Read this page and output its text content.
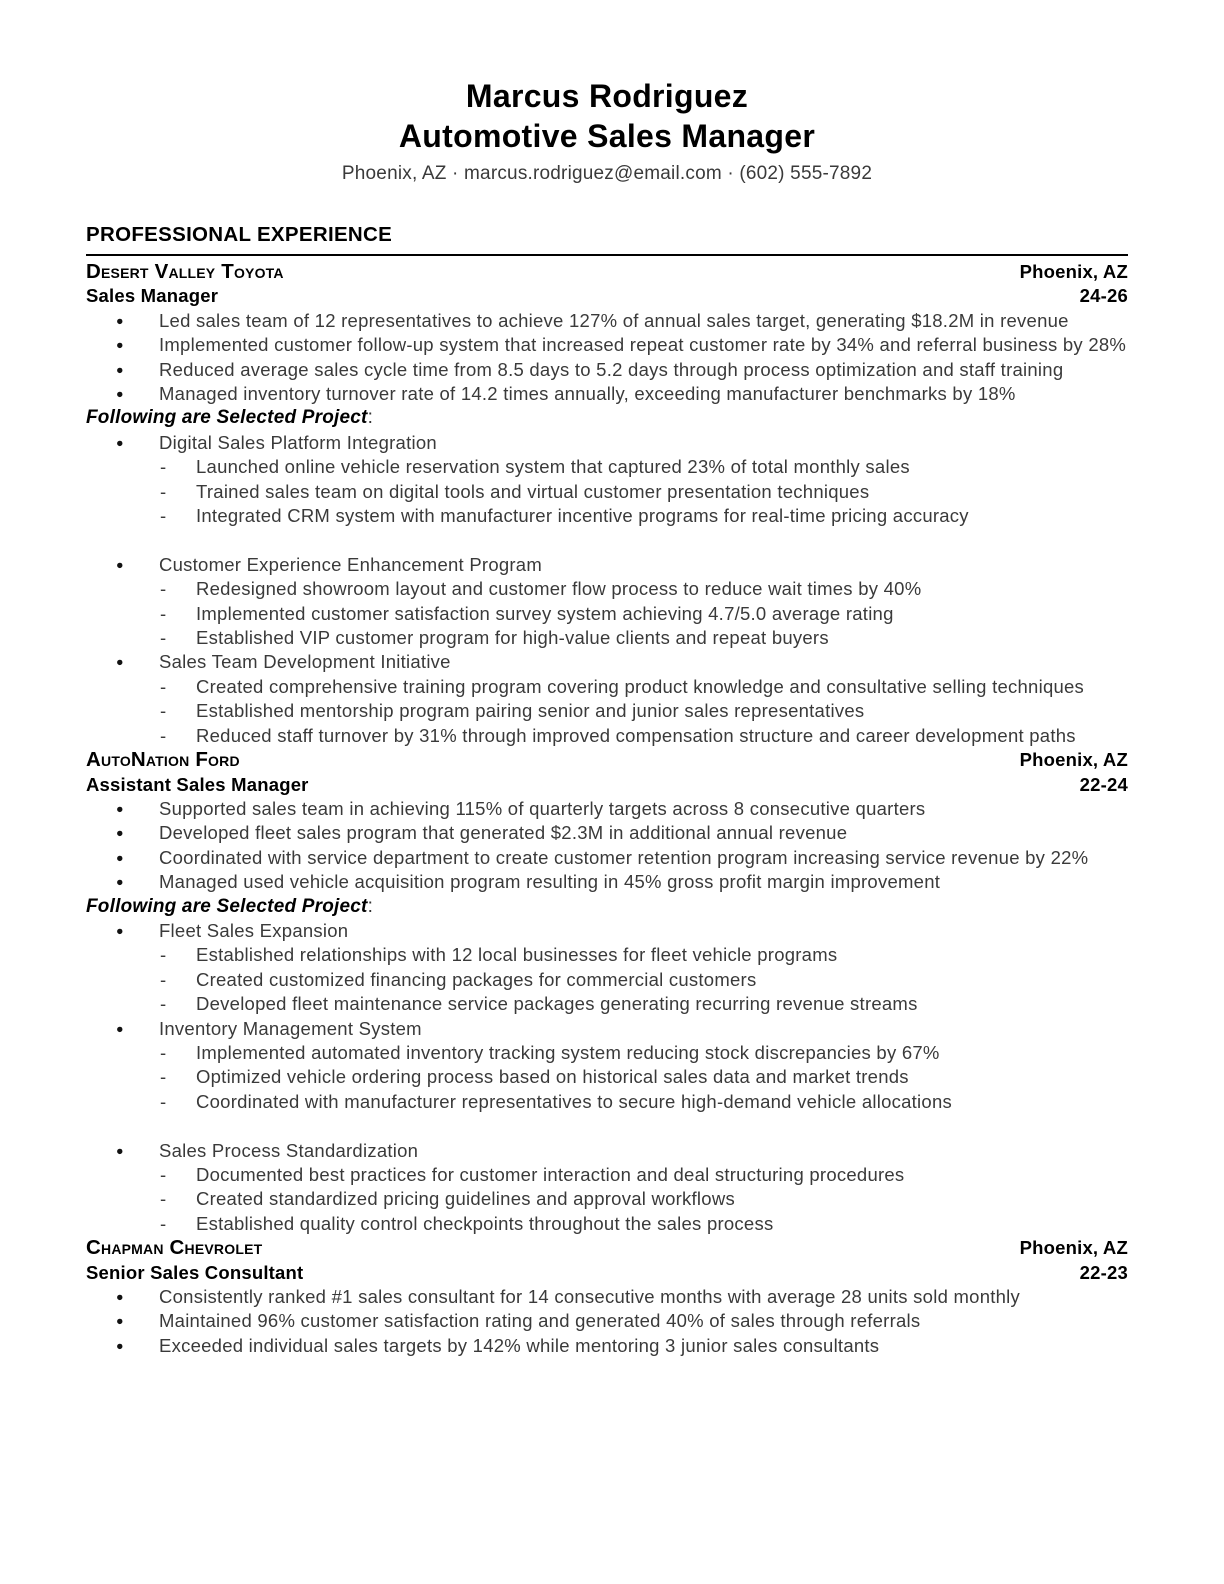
Marcus Rodriguez
Automotive Sales Manager

Phoenix, AZ · marcus.rodriguez@email.com · (602) 555-7892

PROFESSIONAL EXPERIENCE
Desert Valley Toyota	Phoenix, AZ
Sales Manager	24-26
●	Led sales team of 12 representatives to achieve 127% of annual sales target, generating $18.2M in revenue
●	Implemented customer follow-up system that increased repeat customer rate by 34% and referral business by 28%
●	Reduced average sales cycle time from 8.5 days to 5.2 days through process optimization and staff training
●	Managed inventory turnover rate of 14.2 times annually, exceeding manufacturer benchmarks by 18%
Following are Selected Project:
●	Digital Sales Platform Integration
-	Launched online vehicle reservation system that captured 23% of total monthly sales
-	Trained sales team on digital tools and virtual customer presentation techniques
-	Integrated CRM system with manufacturer incentive programs for real-time pricing accuracy
●	Customer Experience Enhancement Program
-	Redesigned showroom layout and customer flow process to reduce wait times by 40%
-	Implemented customer satisfaction survey system achieving 4.7/5.0 average rating
-	Established VIP customer program for high-value clients and repeat buyers
●	Sales Team Development Initiative
-	Created comprehensive training program covering product knowledge and consultative selling techniques
-	Established mentorship program pairing senior and junior sales representatives
-	Reduced staff turnover by 31% through improved compensation structure and career development paths
AutoNation Ford	Phoenix, AZ
Assistant Sales Manager	22-24
●	Supported sales team in achieving 115% of quarterly targets across 8 consecutive quarters
●	Developed fleet sales program that generated $2.3M in additional annual revenue
●	Coordinated with service department to create customer retention program increasing service revenue by 22%
●	Managed used vehicle acquisition program resulting in 45% gross profit margin improvement
Following are Selected Project:
●	Fleet Sales Expansion
-	Established relationships with 12 local businesses for fleet vehicle programs
-	Created customized financing packages for commercial customers
-	Developed fleet maintenance service packages generating recurring revenue streams
●	Inventory Management System
-	Implemented automated inventory tracking system reducing stock discrepancies by 67%
-	Optimized vehicle ordering process based on historical sales data and market trends
-	Coordinated with manufacturer representatives to secure high-demand vehicle allocations
●	Sales Process Standardization
-	Documented best practices for customer interaction and deal structuring procedures
-	Created standardized pricing guidelines and approval workflows
-	Established quality control checkpoints throughout the sales process
Chapman Chevrolet	Phoenix, AZ
Senior Sales Consultant	22-23
●	Consistently ranked #1 sales consultant for 14 consecutive months with average 28 units sold monthly
●	Maintained 96% customer satisfaction rating and generated 40% of sales through referrals
●	Exceeded individual sales targets by 142% while mentoring 3 junior sales consultants
